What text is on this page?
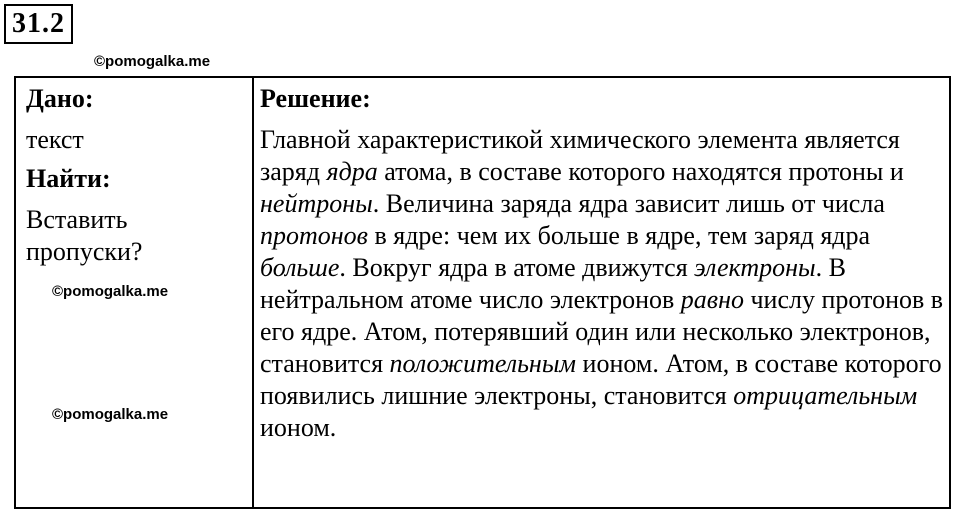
31.2
©pomogalka.me
Дано:
текст
Найти:
Вставить
пропуски?
Решение:
Главной характеристикой химического элемента является заряд ядра атома, в составе которого находятся протоны и нейтроны. Величина заряда ядра зависит лишь от числа протонов в ядре: чем их больше в ядре, тем заряд ядра больше. Вокруг ядра в атоме движутся электроны. В нейтральном атоме число электронов равно числу протонов в его ядре. Атом, потерявший один или несколько электронов, становится положительным ионом. Атом, в составе которого появились лишние электроны, становится отрицательным ионом.
©pomogalka.me
©pomogalka.me
